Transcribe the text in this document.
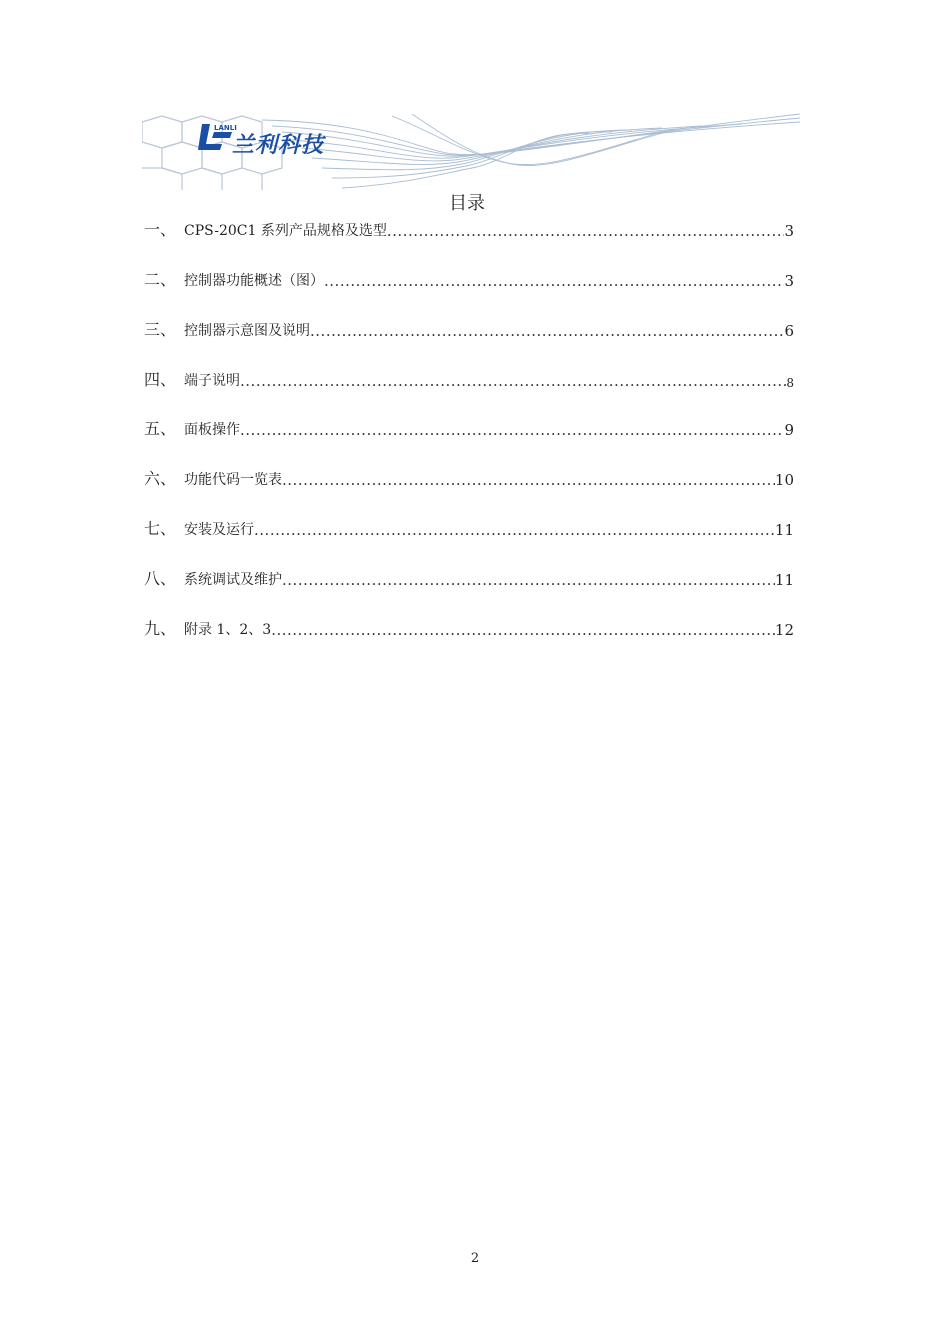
LANLI
兰利科技
目录
一、 CPS-20C1 系列产品规格及选型 .....	3
二、 控制器功能概述（图） .....	3
三、 控制器示意图及说明 .....	6
四、 端子说明 .....	8
五、 面板操作 .....	9
六、 功能代码一览表 .....	10
七、 安装及运行 .....	11
八、 系统调试及维护 .....	11
九、 附录 1、2、3 .....	12
2
